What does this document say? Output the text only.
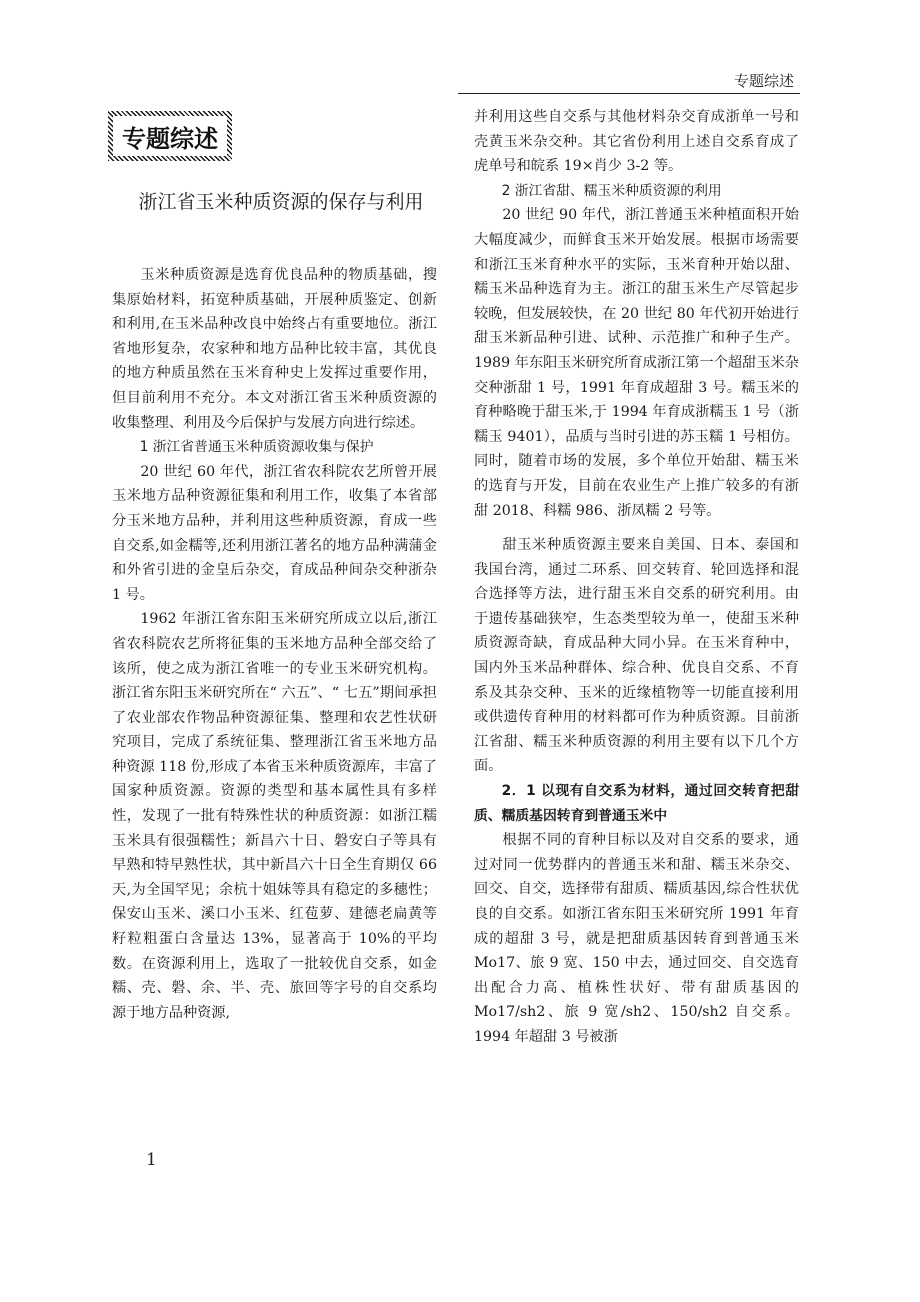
专题综述
专题综述
浙江省玉米种质资源的保存与利用

玉米种质资源是选育优良品种的物质基础，搜集原始材料，拓宽种质基础，开展种质鉴定、创新和利用,在玉米品种改良中始终占有重要地位。浙江省地形复杂，农家种和地方品种比较丰富，其优良的地方种质虽然在玉米育种史上发挥过重要作用，但目前利用不充分。本文对浙江省玉米种质资源的收集整理、利用及今后保护与发展方向进行综述。

1 浙江省普通玉米种质资源收集与保护

20 世纪 60 年代，浙江省农科院农艺所曾开展玉米地方品种资源征集和利用工作，收集了本省部分玉米地方品种，并利用这些种质资源，育成一些自交系,如金糯等,还利用浙江著名的地方品种满蒲金和外省引进的金皇后杂交，育成品种间杂交种浙杂 1 号。

1962 年浙江省东阳玉米研究所成立以后,浙江省农科院农艺所将征集的玉米地方品种全部交给了该所，使之成为浙江省唯一的专业玉米研究机构。浙江省东阳玉米研究所在“ 六五”、“ 七五”期间承担了农业部农作物品种资源征集、整理和农艺性状研究项目，完成了系统征集、整理浙江省玉米地方品种资源 118 份,形成了本省玉米种质资源库，丰富了国家种质资源。资源的类型和基本属性具有多样性，发现了一批有特殊性状的种质资源：如浙江糯玉米具有很强糯性；新昌六十日、磐安白子等具有早熟和特早熟性状，其中新昌六十日全生育期仅 66 天,为全国罕见；余杭十姐妹等具有稳定的多穗性；保安山玉米、溪口小玉米、红苞萝、建德老扁黄等籽粒粗蛋白含量达 13%，显著高于 10%的平均数。在资源利用上，选取了一批较优自交系，如金糯、壳、磐、余、半、壳、旅回等字号的自交系均源于地方品种资源,

并利用这些自交系与其他材料杂交育成浙单一号和壳黄玉米杂交种。其它省份利用上述自交系育成了虎单号和皖系 19×肖少 3-2 等。

2 浙江省甜、糯玉米种质资源的利用

20 世纪 90 年代，浙江普通玉米种植面积开始大幅度减少，而鲜食玉米开始发展。根据市场需要和浙江玉米育种水平的实际，玉米育种开始以甜、糯玉米品种选育为主。浙江的甜玉米生产尽管起步较晚，但发展较快，在 20 世纪 80 年代初开始进行甜玉米新品种引进、试种、示范推广和种子生产。1989 年东阳玉米研究所育成浙江第一个超甜玉米杂交种浙甜 1 号，1991 年育成超甜 3 号。糯玉米的育种略晚于甜玉米,于 1994 年育成浙糯玉 1 号（浙糯玉 9401），品质与当时引进的苏玉糯 1 号相仿。同时，随着市场的发展，多个单位开始甜、糯玉米的选育与开发，目前在农业生产上推广较多的有浙甜 2018、科糯 986、浙凤糯 2 号等。

甜玉米种质资源主要来自美国、日本、泰国和我国台湾，通过二环系、回交转育、轮回选择和混合选择等方法，进行甜玉米自交系的研究利用。由于遗传基础狭窄，生态类型较为单一，使甜玉米种质资源奇缺，育成品种大同小异。在玉米育种中，国内外玉米品种群体、综合种、优良自交系、不育系及其杂交种、玉米的近缘植物等一切能直接利用或供遗传育种用的材料都可作为种质资源。目前浙江省甜、糯玉米种质资源的利用主要有以下几个方面。

2．1 以现有自交系为材料，通过回交转育把甜质、糯质基因转育到普通玉米中

根据不同的育种目标以及对自交系的要求，通过对同一优势群内的普通玉米和甜、糯玉米杂交、回交、自交，选择带有甜质、糯质基因,综合性状优良的自交系。如浙江省东阳玉米研究所 1991 年育成的超甜 3 号，就是把甜质基因转育到普通玉米 Mo17、旅 9 宽、150 中去，通过回交、自交选育出配合力高、植株性状好、带有甜质基因的 Mo17/sh2、旅 9 宽/sh2、150/sh2 自交系。1994 年超甜 3 号被浙

1
